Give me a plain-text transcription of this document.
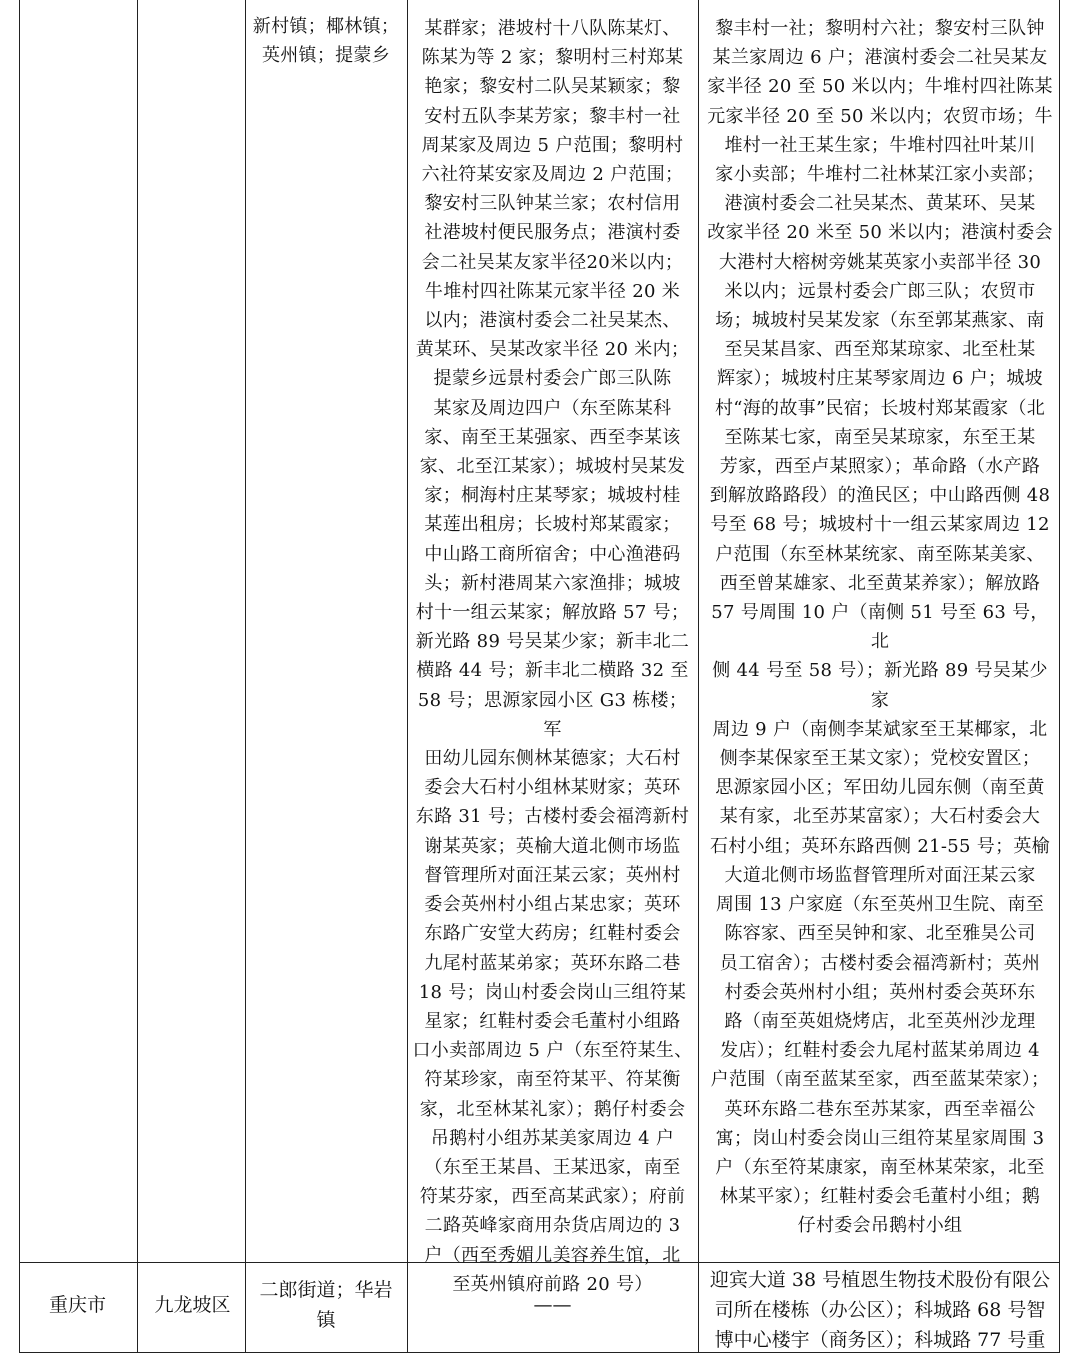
新村镇；椰林镇；
英州镇；提蒙乡
某群家；港坡村十八队陈某灯、
陈某为等 2 家；黎明村三村郑某
艳家；黎安村二队吴某颖家；黎
安村五队李某芳家；黎丰村一社
周某家及周边 5 户范围；黎明村
六社符某安家及周边 2 户范围；
黎安村三队钟某兰家；农村信用
社港坡村便民服务点；港演村委
会二社吴某友家半径20米以内；
牛堆村四社陈某元家半径 20 米
以内；港演村委会二社吴某杰、
黄某环、吴某改家半径 20 米内；
提蒙乡远景村委会广郎三队陈
某家及周边四户（东至陈某科
家、南至王某强家、西至李某该
家、北至江某家）；城坡村吴某发
家；桐海村庄某琴家；城坡村桂
某莲出租房；长坡村郑某霞家；
中山路工商所宿舍；中心渔港码
头；新村港周某六家渔排；城坡
村十一组云某家；解放路 57 号；
新光路 89 号吴某少家；新丰北二
横路 44 号；新丰北二横路 32 至
58 号；思源家园小区 G3 栋楼；军
田幼儿园东侧林某德家；大石村
委会大石村小组林某财家；英环
东路 31 号；古楼村委会福湾新村
谢某英家；英榆大道北侧市场监
督管理所对面汪某云家；英州村
委会英州村小组占某忠家；英环
东路广安堂大药房；红鞋村委会
九尾村蓝某弟家；英环东路二巷
18 号；岗山村委会岗山三组符某
星家；红鞋村委会毛董村小组路
口小卖部周边 5 户（东至符某生、
符某珍家，南至符某平、符某衡
家，北至林某礼家）；鹅仔村委会
吊鹅村小组苏某美家周边 4 户
（东至王某昌、王某迅家，南至
符某芬家，西至高某武家）；府前
二路英峰家商用杂货店周边的 3
户（西至秀媚儿美容养生馆，北
至英州镇府前路 20 号）
黎丰村一社；黎明村六社；黎安村三队钟
某兰家周边 6 户；港演村委会二社吴某友
家半径 20 至 50 米以内；牛堆村四社陈某
元家半径 20 至 50 米以内；农贸市场；牛
堆村一社王某生家；牛堆村四社叶某川
家小卖部；牛堆村二社林某江家小卖部；
港演村委会二社吴某杰、黄某环、吴某
改家半径 20 米至 50 米以内；港演村委会
大港村大榕树旁姚某英家小卖部半径 30
米以内；远景村委会广郎三队；农贸市
场；城坡村吴某发家（东至郭某燕家、南
至吴某昌家、西至郑某琼家、北至杜某
辉家）；城坡村庄某琴家周边 6 户；城坡
村“海的故事”民宿；长坡村郑某霞家（北
至陈某七家，南至吴某琼家，东至王某
芳家，西至卢某照家）；革命路（水产路
到解放路路段）的渔民区；中山路西侧 48
号至 68 号；城坡村十一组云某家周边 12
户范围（东至林某统家、南至陈某美家、
西至曾某雄家、北至黄某养家）；解放路
57 号周围 10 户（南侧 51 号至 63 号，北
侧 44 号至 58 号）；新光路 89 号吴某少家
周边 9 户（南侧李某斌家至王某椰家，北
侧李某保家至王某文家）；党校安置区；
思源家园小区；军田幼儿园东侧（南至黄
某有家，北至苏某富家）；大石村委会大
石村小组；英环东路西侧 21-55 号；英榆
大道北侧市场监督管理所对面汪某云家
周围 13 户家庭（东至英州卫生院、南至
陈容家、西至吴钟和家、北至雅昊公司
员工宿舍）；古楼村委会福湾新村；英州
村委会英州村小组；英州村委会英环东
路（南至英姐烧烤店，北至英州沙龙理
发店）；红鞋村委会九尾村蓝某弟周边 4
户范围（南至蓝某至家，西至蓝某荣家）；
英环东路二巷东至苏某家，西至幸福公
寓；岗山村委会岗山三组符某星家周围 3
户（东至符某康家，南至林某荣家，北至
林某平家）；红鞋村委会毛董村小组；鹅
仔村委会吊鹅村小组
重庆市	九龙坡区
二郎街道；华岩
镇
——
迎宾大道 38 号植恩生物技术股份有限公
司所在楼栋（办公区）；科城路 68 号智
博中心楼宇（商务区）；科城路 77 号重
